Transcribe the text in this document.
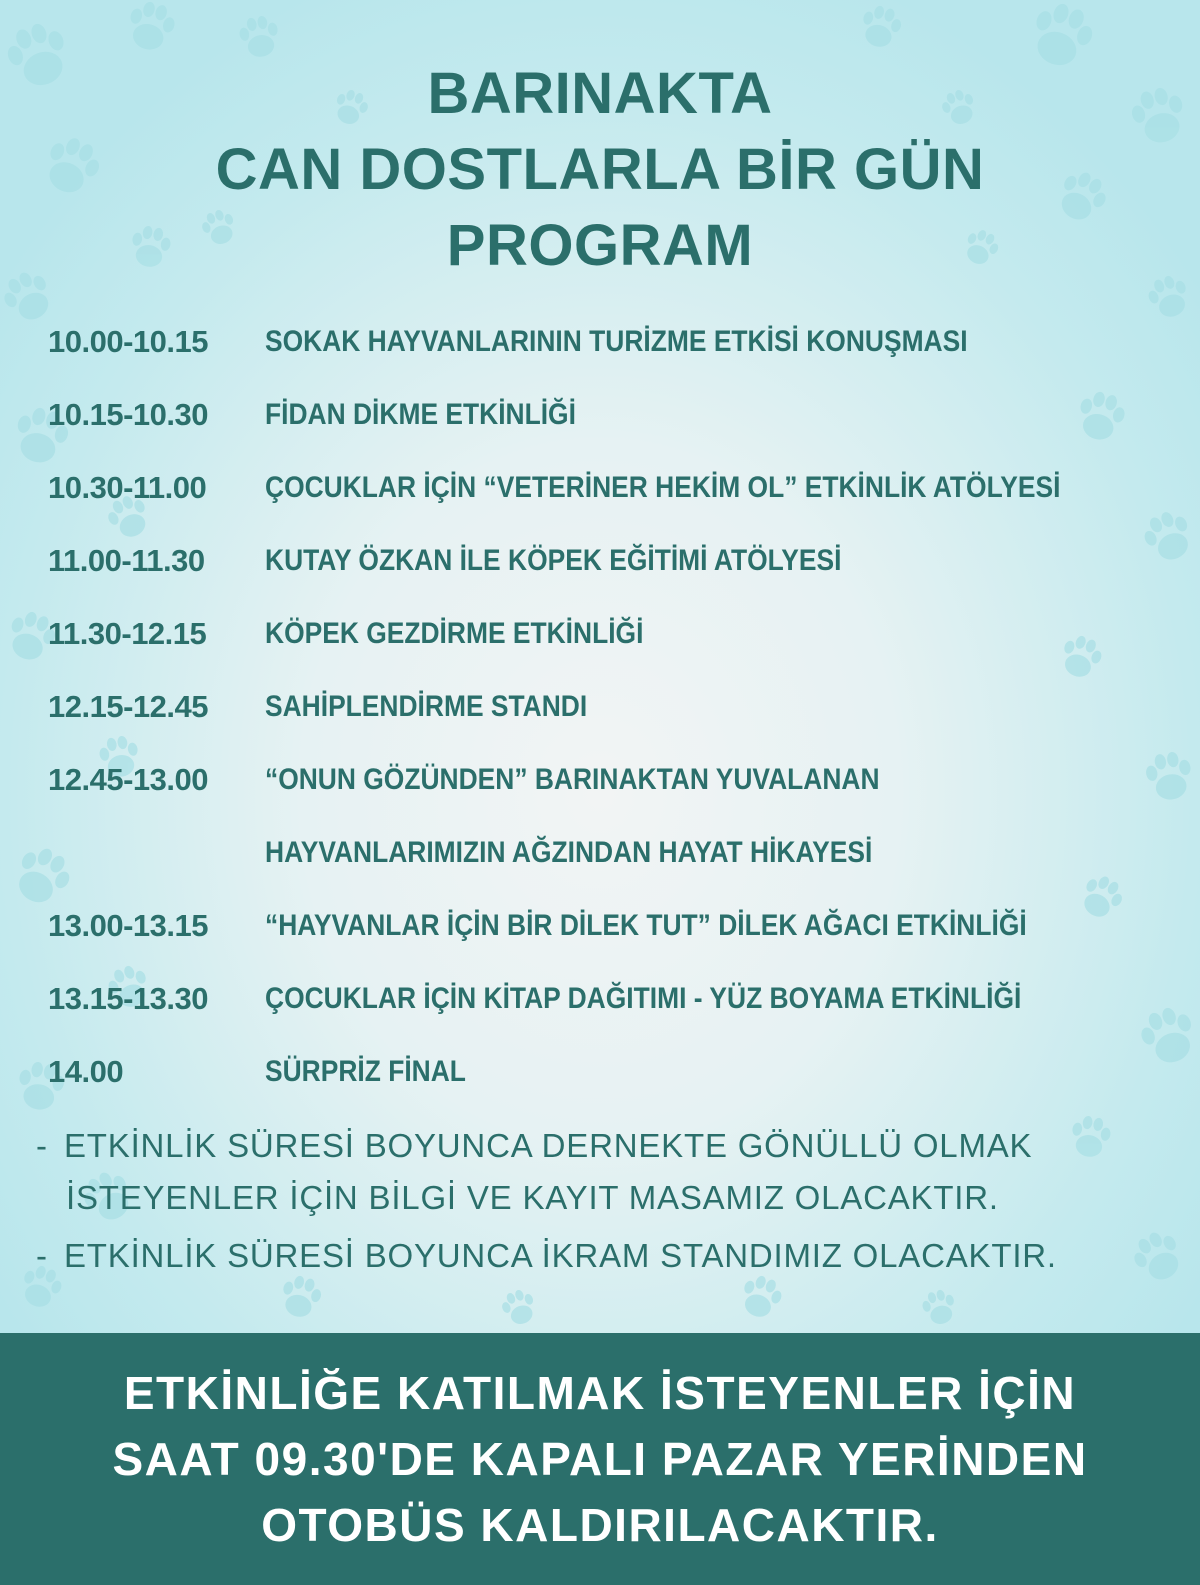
BARINAKTA
CAN DOSTLARLA BİR GÜN
PROGRAM
10.00-10.15	SOKAK HAYVANLARININ TURİZME ETKİSİ KONUŞMASI
10.15-10.30	FİDAN DİKME ETKİNLİĞİ
10.30-11.00	ÇOCUKLAR İÇİN “VETERİNER HEKİM OL” ETKİNLİK ATÖLYESİ
11.00-11.30	KUTAY ÖZKAN İLE KÖPEK EĞİTİMİ ATÖLYESİ
11.30-12.15	KÖPEK GEZDİRME ETKİNLİĞİ
12.15-12.45	SAHİPLENDİRME STANDI
12.45-13.00	“ONUN GÖZÜNDEN” BARINAKTAN YUVALANAN
HAYVANLARIMIZIN AĞZINDAN HAYAT HİKAYESİ
13.00-13.15	“HAYVANLAR İÇİN BİR DİLEK TUT” DİLEK AĞACI ETKİNLİĞİ
13.15-13.30	ÇOCUKLAR İÇİN KİTAP DAĞITIMI - YÜZ BOYAMA ETKİNLİĞİ
14.00	SÜRPRİZ FİNAL
- ETKİNLİK SÜRESİ BOYUNCA DERNEKTE GÖNÜLLÜ OLMAK
İSTEYENLER İÇİN BİLGİ VE KAYIT MASAMIZ OLACAKTIR.
- ETKİNLİK SÜRESİ BOYUNCA İKRAM STANDIMIZ OLACAKTIR.
ETKİNLİĞE KATILMAK İSTEYENLER İÇİN
SAAT 09.30'DE KAPALI PAZAR YERİNDEN
OTOBÜS KALDIRILACAKTIR.
